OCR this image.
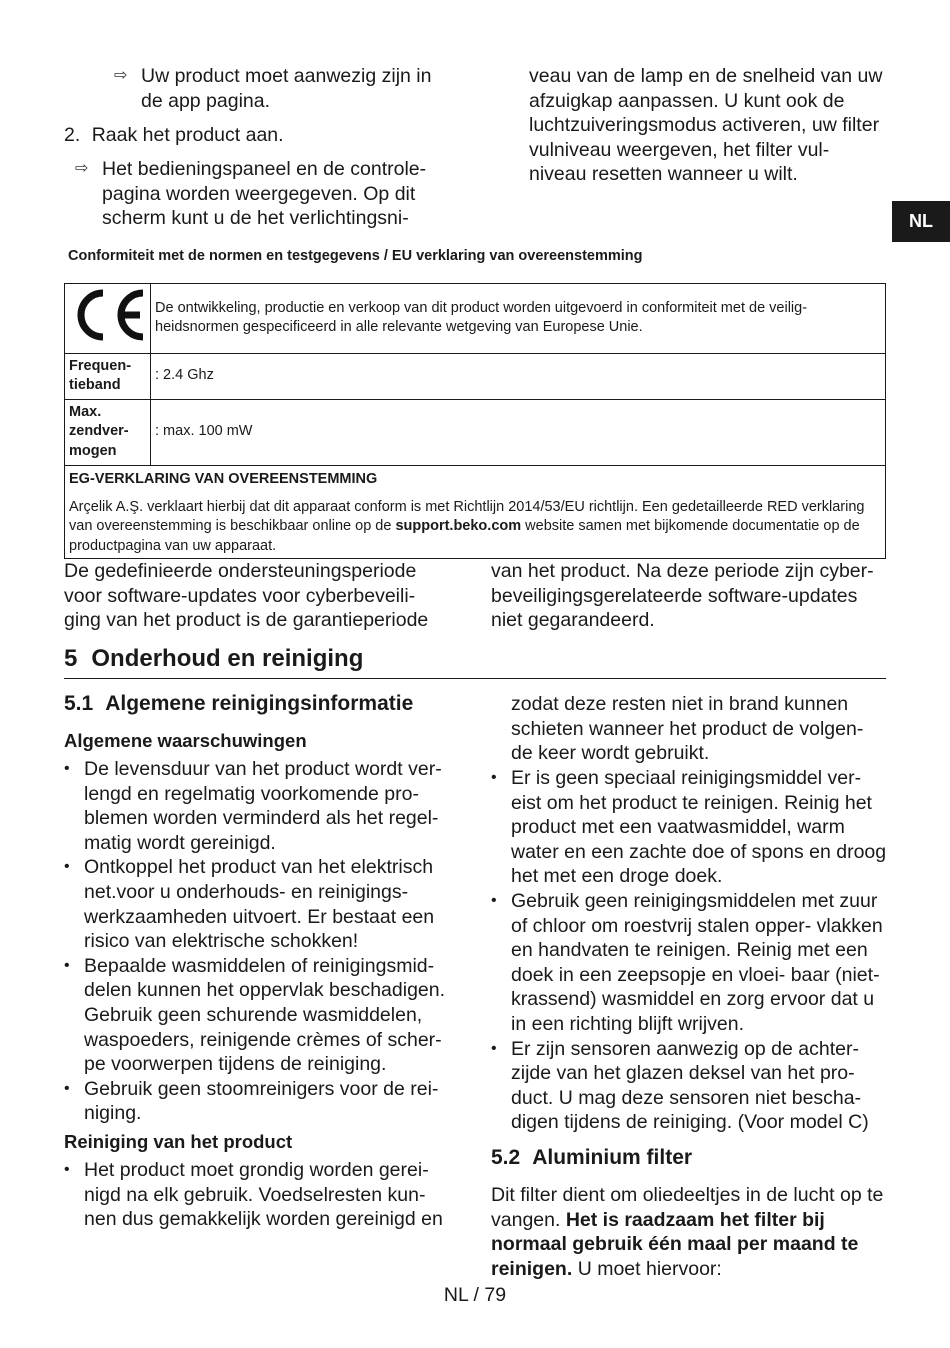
NL
⇨ Uw product moet aanwezig zijn in de app pagina.

2. Raak het product aan.

⇨ Het bedieningspaneel en de controle- pagina worden weergegeven. Op dit scherm kunt u de het verlichtingsni-

veau van de lamp en de snelheid van uw afzuigkap aanpassen. U kunt ook de luchtzuiveringsmodus activeren, uw filter vulniveau weergeven, het filter vul- niveau resetten wanneer u wilt.

Conformiteit met de normen en testgegevens / EU verklaring van overeenstemming
	De ontwikkeling, productie en verkoop van dit product worden uitgevoerd in conformiteit met de veilig- heidsnormen gespecificeerd in alle relevante wetgeving van Europese Unie.
Frequen- tieband	: 2.4 Ghz
Max. zendver- mogen	: max. 100 mW
EG-VERKLARING VAN OVEREENSTEMMING	
Arçelik A.Ş. verklaart hierbij dat dit apparaat conform is met Richtlijn 2014/53/EU richtlijn. Een gedetailleerde RED verklaring van overeenstemming is beschikbaar online op de support.beko.com website samen met bijkomende documentatie op de productpagina van uw apparaat.	

De gedefinieerde ondersteuningsperiode voor software-updates voor cyberbeveili- ging van het product is de garantieperiode

van het product. Na deze periode zijn cyber- beveiligingsgerelateerde software-updates niet gegarandeerd.

5 Onderhoud en reiniging
5.1 Algemene reinigingsinformatie
Algemene waarschuwingen
• De levensduur van het product wordt ver- lengd en regelmatig voorkomende pro- blemen worden verminderd als het regel- matig wordt gereinigd.
• Ontkoppel het product van het elektrisch net.voor u onderhouds- en reinigings- werkzaamheden uitvoert. Er bestaat een risico van elektrische schokken!
• Bepaalde wasmiddelen of reinigingsmid- delen kunnen het oppervlak beschadigen. Gebruik geen schurende wasmiddelen, waspoeders, reinigende crèmes of scher- pe voorwerpen tijdens de reiniging.
• Gebruik geen stoomreinigers voor de rei- niging.
Reiniging van het product
• Het product moet grondig worden gerei- nigd na elk gebruik. Voedselresten kun- nen dus gemakkelijk worden gereinigd en

zodat deze resten niet in brand kunnen schieten wanneer het product de volgen- de keer wordt gebruikt.

• Er is geen speciaal reinigingsmiddel ver- eist om het product te reinigen. Reinig het product met een vaatwasmiddel, warm water en een zachte doe of spons en droog het met een droge doek.
• Gebruik geen reinigingsmiddelen met zuur of chloor om roestvrij stalen opper- vlakken en handvaten te reinigen. Reinig met een doek in een zeepsopje en vloei- baar (niet-krassend) wasmiddel en zorg ervoor dat u in een richting blijft wrijven.
• Er zijn sensoren aanwezig op de achter- zijde van het glazen deksel van het pro- duct. U mag deze sensoren niet bescha- digen tijdens de reiniging. (Voor model C)
5.2 Aluminium filter

Dit filter dient om oliedeeltjes in de lucht op te vangen. Het is raadzaam het filter bij normaal gebruik één maal per maand te reinigen. U moet hiervoor:

NL / 79
